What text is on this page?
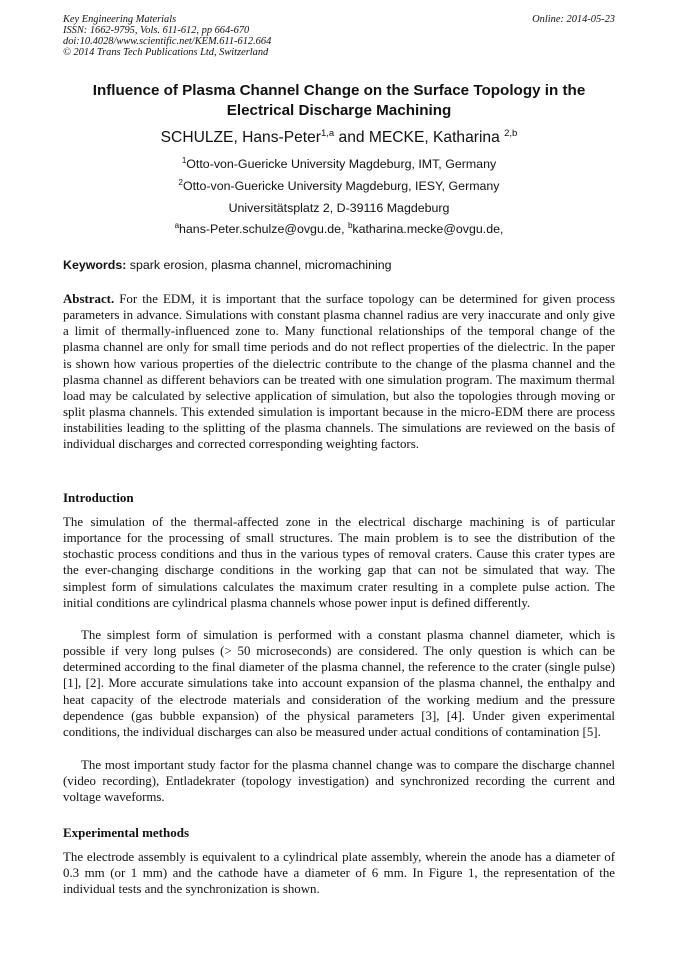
Key Engineering Materials
ISSN: 1662-9795, Vols. 611-612, pp 664-670
doi:10.4028/www.scientific.net/KEM.611-612.664
© 2014 Trans Tech Publications Ltd, Switzerland
Online: 2014-05-23
Influence of Plasma Channel Change on the Surface Topology in the Electrical Discharge Machining
SCHULZE, Hans-Peter$^{1,a}$ and MECKE, Katharina $^{2,b}$
$^1$Otto-von-Guericke University Magdeburg, IMT, Germany
$^2$Otto-von-Guericke University Magdeburg, IESY, Germany
Universitätsplatz 2, D-39116 Magdeburg
$^a$hans-Peter.schulze@ovgu.de, $^b$katharina.mecke@ovgu.de,
Keywords: spark erosion, plasma channel, micromachining
Abstract. For the EDM, it is important that the surface topology can be determined for given process parameters in advance. Simulations with constant plasma channel radius are very inaccurate and only give a limit of thermally-influenced zone to. Many functional relationships of the temporal change of the plasma channel are only for small time periods and do not reflect properties of the dielectric. In the paper is shown how various properties of the dielectric contribute to the change of the plasma channel and the plasma channel as different behaviors can be treated with one simulation program. The maximum thermal load may be calculated by selective application of simulation, but also the topologies through moving or split plasma channels. This extended simulation is important because in the micro-EDM there are process instabilities leading to the splitting of the plasma channels. The simulations are reviewed on the basis of individual discharges and corrected corresponding weighting factors.
Introduction
The simulation of the thermal-affected zone in the electrical discharge machining is of particular importance for the processing of small structures. The main problem is to see the distribution of the stochastic process conditions and thus in the various types of removal craters. Cause this crater types are the ever-changing discharge conditions in the working gap that can not be simulated that way. The simplest form of simulations calculates the maximum crater resulting in a complete pulse action. The initial conditions are cylindrical plasma channels whose power input is defined differently.
The simplest form of simulation is performed with a constant plasma channel diameter, which is possible if very long pulses (> 50 microseconds) are considered. The only question is which can be determined according to the final diameter of the plasma channel, the reference to the crater (single pulse) [1], [2]. More accurate simulations take into account expansion of the plasma channel, the enthalpy and heat capacity of the electrode materials and consideration of the working medium and the pressure dependence (gas bubble expansion) of the physical parameters [3], [4]. Under given experimental conditions, the individual discharges can also be measured under actual conditions of contamination [5].
The most important study factor for the plasma channel change was to compare the discharge channel (video recording), Entladekrater (topology investigation) and synchronized recording the current and voltage waveforms.
Experimental methods
The electrode assembly is equivalent to a cylindrical plate assembly, wherein the anode has a diameter of 0.3 mm (or 1 mm) and the cathode have a diameter of 6 mm. In Figure 1, the representation of the individual tests and the synchronization is shown.
